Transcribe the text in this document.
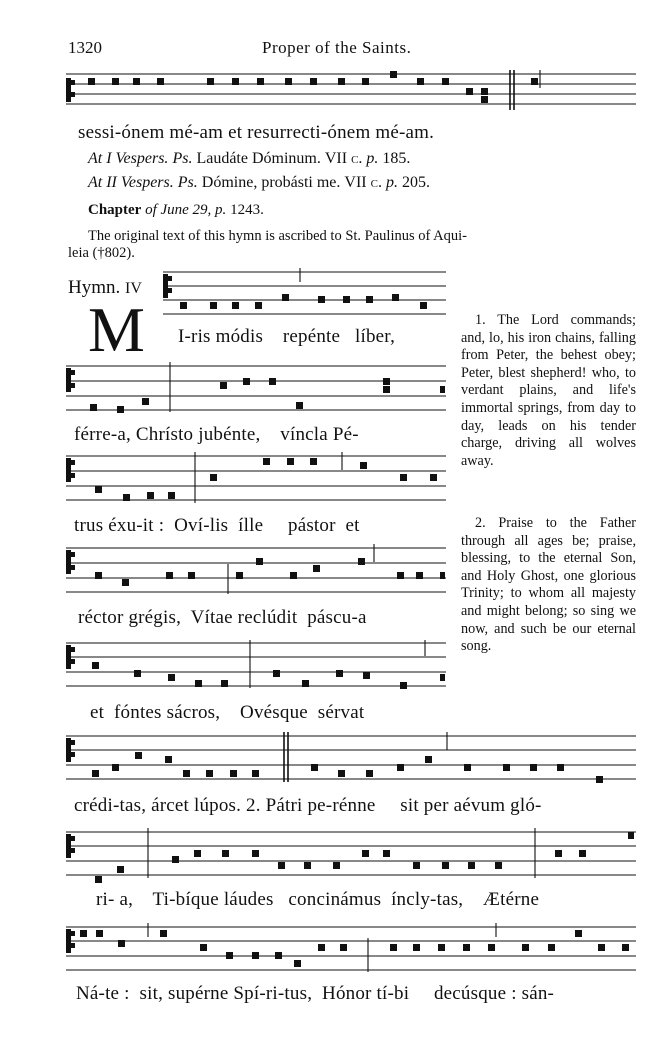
1320	Proper of the Saints.
sessi-ónem mé-am et resurrecti-ónem mé-am.
At I Vespers. Ps. Laudáte Dóminum. VII c. p. 185.
At II Vespers. Ps. Dómine, probásti me. VII c. p. 205.
Chapter of June 29, p. 1243.
The original text of this hymn is ascribed to St. Paulinus of Aqui-
leia (†802).
Hymn. IV
M I-ris módis    repénte   líber,
férre-a, Chrísto jubénte,    víncla Pé-
trus éxu-it :  Oví-lis  ílle     pástor  et
réctor grégis,  Vítae reclúdit  páscu-a
et  fóntes sácros,    Ovésque  sérvat
crédi-tas, árcet lúpos. 2. Pátri pe-rénne     sit per aévum gló-
ri- a,    Ti-bíque láudes   concinámus  íncly-tas,    Ætérne
Ná-te :  sit, supérne Spí-ri-tus,  Hónor tí-bi     decúsque : sán-
1. The Lord commands; and, lo, his iron chains, falling from Peter, the behest obey; Peter, blest shepherd! who, to verdant plains, and life's immortal springs, from day to day, leads on his tender charge, driving all wolves away.
2. Praise to the Father through all ages be; praise, blessing, to the eternal Son, and Holy Ghost, one glorious Trinity; to whom all majesty and might belong; so sing we now, and such be our eternal song.
